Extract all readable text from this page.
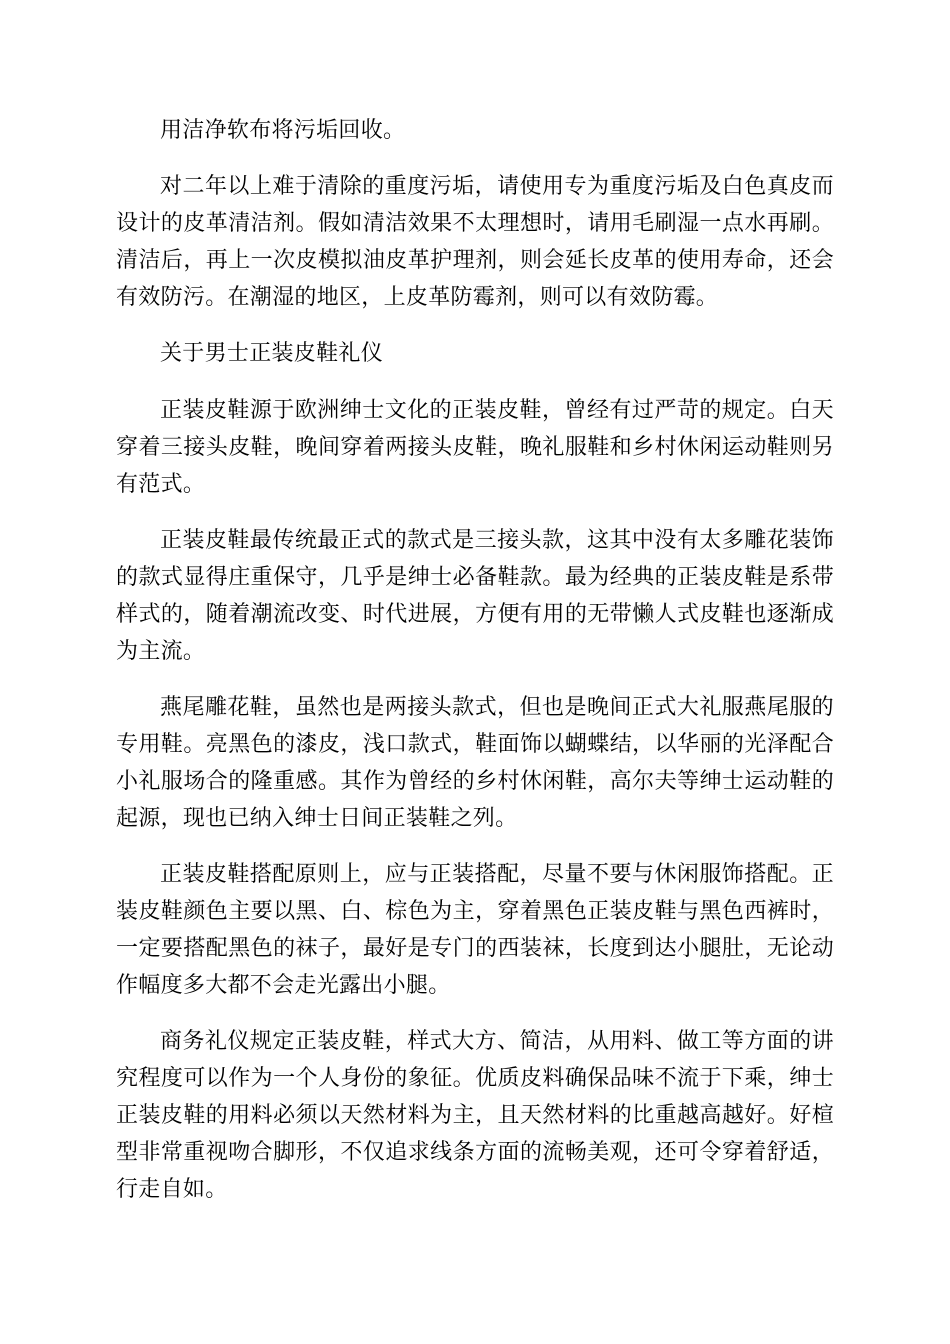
用洁净软布将污垢回收。

对二年以上难于清除的重度污垢，请使用专为重度污垢及白色真皮而设计的皮革清洁剂。假如清洁效果不太理想时，请用毛刷湿一点水再刷。清洁后，再上一次皮模拟油皮革护理剂，则会延长皮革的使用寿命，还会有效防污。在潮湿的地区，上皮革防霉剂，则可以有效防霉。

关于男士正装皮鞋礼仪

正装皮鞋源于欧洲绅士文化的正装皮鞋，曾经有过严苛的规定。白天穿着三接头皮鞋，晚间穿着两接头皮鞋，晚礼服鞋和乡村休闲运动鞋则另有范式。

正装皮鞋最传统最正式的款式是三接头款，这其中没有太多雕花装饰的款式显得庄重保守，几乎是绅士必备鞋款。最为经典的正装皮鞋是系带样式的，随着潮流改变、时代进展，方便有用的无带懒人式皮鞋也逐渐成为主流。

燕尾雕花鞋，虽然也是两接头款式，但也是晚间正式大礼服燕尾服的专用鞋。亮黑色的漆皮，浅口款式，鞋面饰以蝴蝶结，以华丽的光泽配合小礼服场合的隆重感。其作为曾经的乡村休闲鞋，高尔夫等绅士运动鞋的起源，现也已纳入绅士日间正装鞋之列。

正装皮鞋搭配原则上，应与正装搭配，尽量不要与休闲服饰搭配。正装皮鞋颜色主要以黑、白、棕色为主，穿着黑色正装皮鞋与黑色西裤时，一定要搭配黑色的袜子，最好是专门的西装袜，长度到达小腿肚，无论动作幅度多大都不会走光露出小腿。

商务礼仪规定正装皮鞋，样式大方、简洁，从用料、做工等方面的讲究程度可以作为一个人身份的象征。优质皮料确保品味不流于下乘，绅士正装皮鞋的用料必须以天然材料为主，且天然材料的比重越高越好。好楦型非常重视吻合脚形，不仅追求线条方面的流畅美观，还可令穿着舒适，行走自如。
